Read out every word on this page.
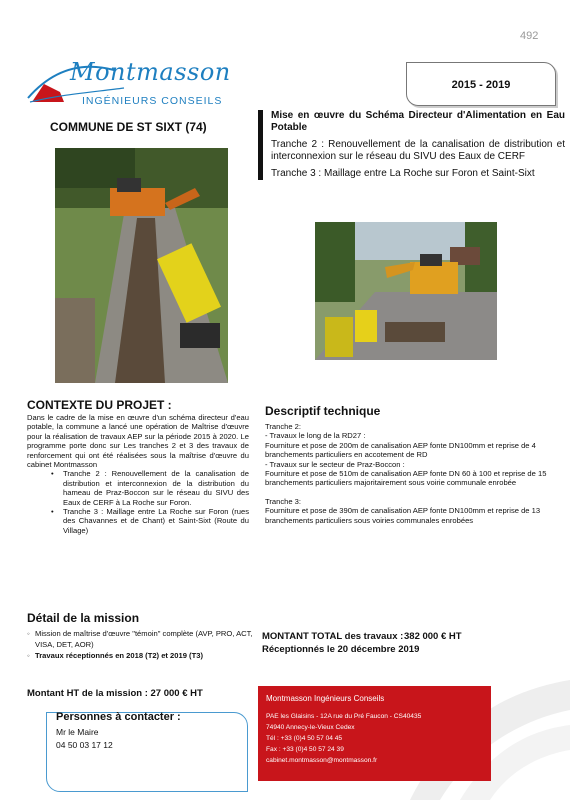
492
Montmasson
INGÉNIEURS CONSEILS
COMMUNE DE ST SIXT (74)
2015 - 2019
Mise en œuvre du Schéma Directeur d'Alimentation en Eau Potable
Tranche 2 : Renouvellement de la canalisation de distribution et interconnexion sur le réseau du SIVU des Eaux de CERF
Tranche 3 : Maillage entre La Roche sur Foron et Saint-Sixt
CONTEXTE DU PROJET :
Dans le cadre de la mise en œuvre d'un schéma directeur d'eau potable, la commune a lancé une opération de Maîtrise d'œuvre pour la réalisation de travaux AEP sur la période 2015 à 2020. Le programme porte donc sur Les tranches 2 et 3 des travaux de renforcement qui ont été réalisées sous la maîtrise d'œuvre du cabinet Montmasson
• Tranche 2 : Renouvellement de la canalisation de distribution et interconnexion de la distribution du hameau de Praz-Boccon sur le réseau du SIVU des Eaux de CERF à La Roche sur Foron.
• Tranche 3 : Maillage entre La Roche sur Foron (rues des Chavannes et de Chant) et Saint-Sixt (Route du Village)
Descriptif technique

Tranche 2:

- Travaux le long de la RD27 :

Fourniture et pose de 200m de canalisation AEP fonte DN100mm et reprise de 4 branchements particuliers en accotement de RD

- Travaux sur le secteur de Praz-Boccon :

Fourniture et pose de 510m de canalisation AEP fonte DN 60 à 100 et reprise de 15 branchements particuliers majoritairement sous voirie communale enrobée

Tranche 3:

Fourniture et pose de 390m de canalisation AEP fonte DN100mm et reprise de 13 branchements particuliers sous voiries communales enrobées

Détail de la mission
◦ Mission de maîtrise d'œuvre "témoin" complète (AVP, PRO, ACT, VISA, DET, AOR)
◦ Travaux réceptionnés en 2018 (T2) et 2019 (T3)
MONTANT TOTAL des travaux : 382 000 € HT
Réceptionnés le 20 décembre 2019
Montant HT de la mission : 27 000 € HT
Personnes à contacter :
Mr le Maire
04 50 03 17 12
Montmasson Ingénieurs Conseils
PAE les Glaisins - 12A rue du Pré Faucon - CS40435
74940 Annecy-le-Vieux Cedex
Tél : +33 (0)4 50 57 04 45
Fax : +33 (0)4 50 57 24 39
cabinet.montmasson@montmasson.fr
